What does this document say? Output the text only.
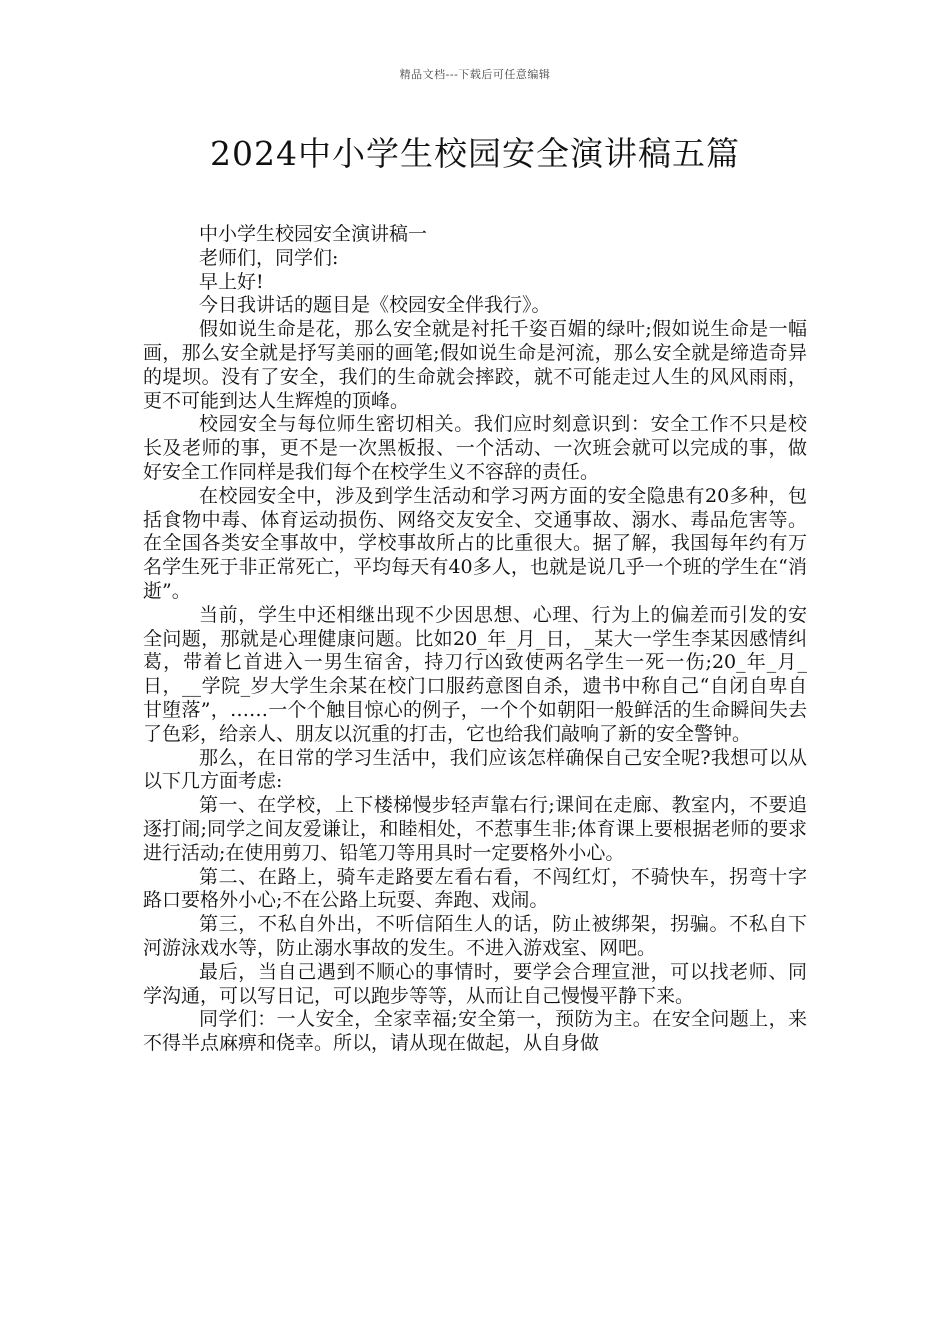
精品文档---下载后可任意编辑
2024中小学生校园安全演讲稿五篇

中小学生校园安全演讲稿一

老师们，同学们:

早上好!

今日我讲话的题目是《校园安全伴我行》。

假如说生命是花，那么安全就是衬托千姿百媚的绿叶;假如说生命是一幅画，那么安全就是抒写美丽的画笔;假如说生命是河流，那么安全就是缔造奇异的堤坝。没有了安全，我们的生命就会摔跤，就不可能走过人生的风风雨雨，更不可能到达人生辉煌的顶峰。

校园安全与每位师生密切相关。我们应时刻意识到：安全工作不只是校长及老师的事，更不是一次黑板报、一个活动、一次班会就可以完成的事，做好安全工作同样是我们每个在校学生义不容辞的责任。

在校园安全中，涉及到学生活动和学习两方面的安全隐患有20多种，包括食物中毒、体育运动损伤、网络交友安全、交通事故、溺水、毒品危害等。在全国各类安全事故中，学校事故所占的比重很大。据了解，我国每年约有万名学生死于非正常死亡，平均每天有40多人，也就是说几乎一个班的学生在“消逝”。

当前，学生中还相继出现不少因思想、心理、行为上的偏差而引发的安全问题，那就是心理健康问题。比如20_年_月_日，_某大一学生李某因感情纠葛，带着匕首进入一男生宿舍，持刀行凶致使两名学生一死一伤;20_年_月_日，__学院_岁大学生余某在校门口服药意图自杀，遗书中称自己“自闭自卑自甘堕落”，……一个个触目惊心的例子，一个个如朝阳一般鲜活的生命瞬间失去了色彩，给亲人、朋友以沉重的打击，它也给我们敲响了新的安全警钟。

那么，在日常的学习生活中，我们应该怎样确保自己安全呢?我想可以从以下几方面考虑:

第一、在学校，上下楼梯慢步轻声靠右行;课间在走廊、教室内，不要追逐打闹;同学之间友爱谦让，和睦相处，不惹事生非;体育课上要根据老师的要求进行活动;在使用剪刀、铅笔刀等用具时一定要格外小心。

第二、在路上，骑车走路要左看右看，不闯红灯，不骑快车，拐弯十字路口要格外小心;不在公路上玩耍、奔跑、戏闹。

第三，不私自外出，不听信陌生人的话，防止被绑架，拐骗。不私自下河游泳戏水等，防止溺水事故的发生。不进入游戏室、网吧。

最后，当自己遇到不顺心的事情时，要学会合理宣泄，可以找老师、同学沟通，可以写日记，可以跑步等等，从而让自己慢慢平静下来。

同学们：一人安全，全家幸福;安全第一，预防为主。在安全问题上，来不得半点麻痹和侥幸。所以，请从现在做起，从自身做
